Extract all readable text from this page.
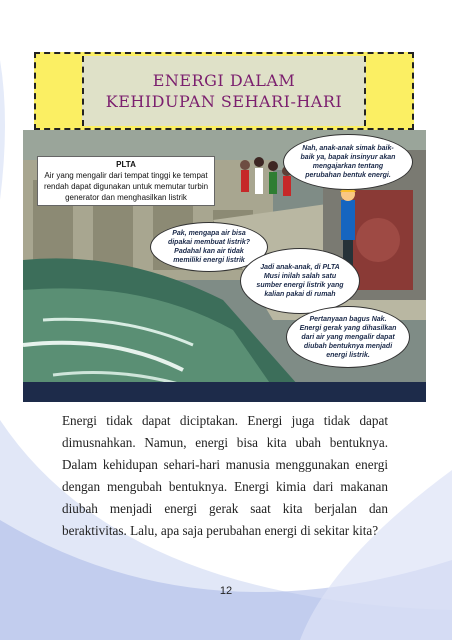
ENERGI DALAM
KEHIDUPAN SEHARI-HARI
PLTA
Air yang mengalir dari tempat tinggi ke tempat rendah dapat digunakan untuk memutar turbin generator dan menghasilkan listrik
Nah, anak-anak simak baik-baik ya, bapak insinyur akan mengajarkan tentang perubahan bentuk energi.
Pak, mengapa air bisa dipakai membuat listrik? Padahal kan air tidak memiliki energi listrik
Jadi anak-anak, di PLTA Musi inilah salah satu sumber energi listrik yang kalian pakai di rumah
Pertanyaan bagus Nak. Energi gerak yang dihasilkan dari air yang mengalir dapat diubah bentuknya menjadi energi listrik.
Energi tidak dapat diciptakan. Energi juga tidak dapat dimusnahkan. Namun, energi bisa kita ubah bentuknya. Dalam kehidupan sehari-hari manusia menggunakan energi dengan mengubah bentuknya. Energi kimia dari makanan diubah menjadi energi gerak saat kita berjalan dan beraktivitas. Lalu, apa saja perubahan energi di sekitar kita?
12
